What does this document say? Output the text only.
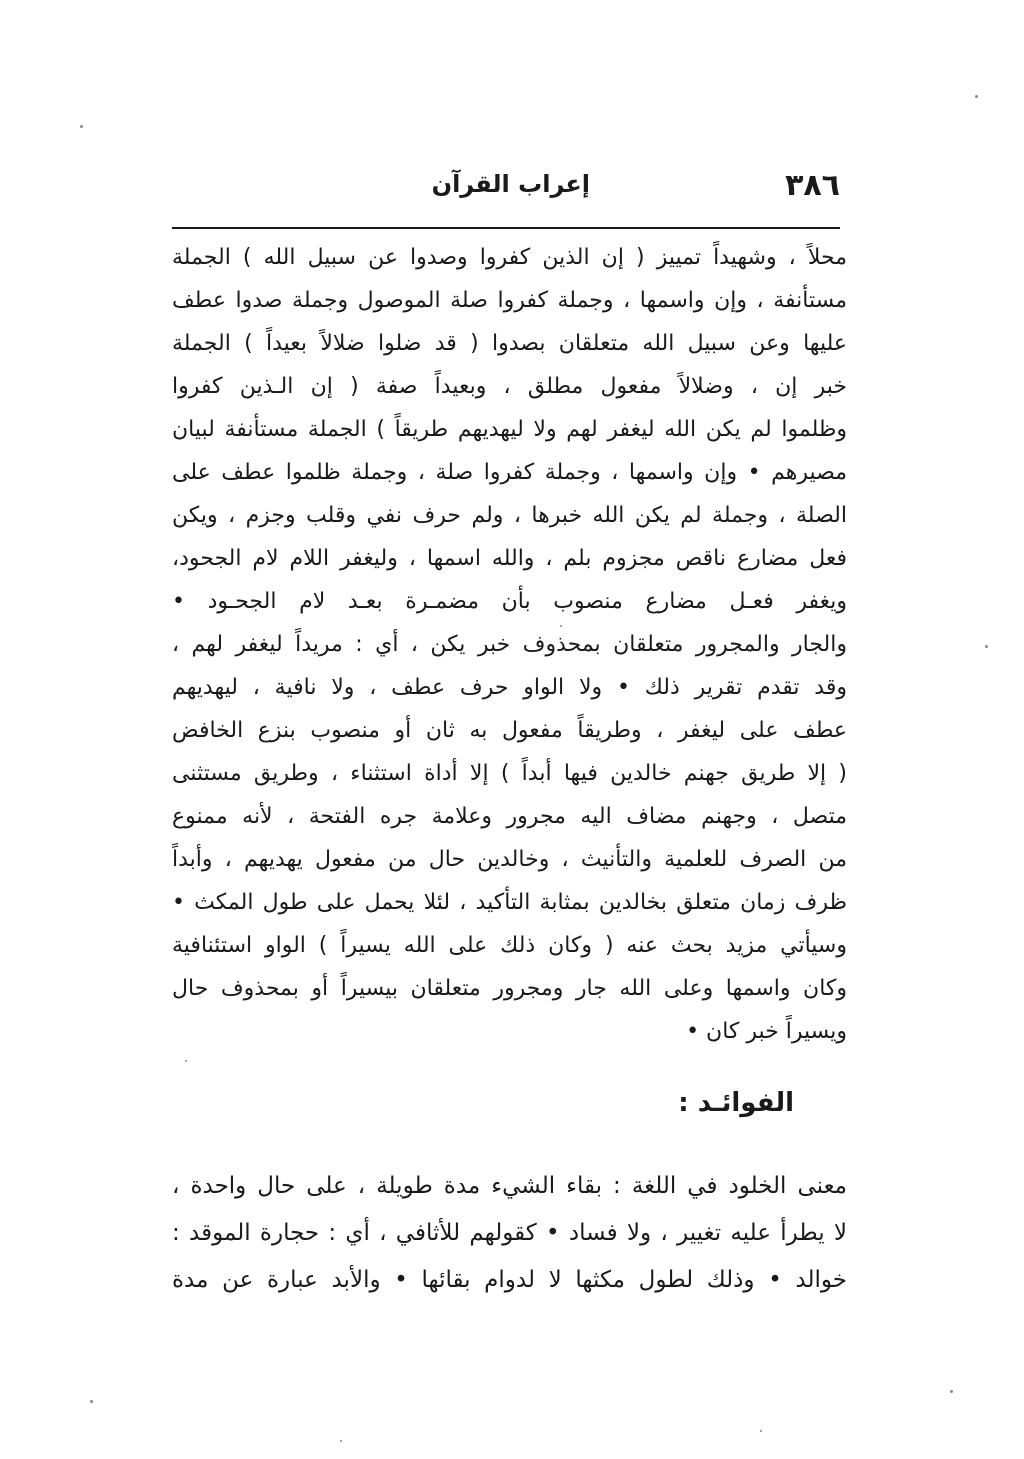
٣٨٦
إعراب القرآن
محلاً ، وشهيداً تمييز ( إن الذين كفروا وصدوا عن سبيل الله ) الجملة
مستأنفة ، وإن واسمها ، وجملة كفروا صلة الموصول وجملة صدوا عطف
عليها وعن سبيل الله متعلقان بصدوا ( قد ضلوا ضلالاً بعيداً ) الجملة
خبر إن ، وضلالاً مفعول مطلق ، وبعيداً صفة ( إن الـذين كفروا
وظلموا لم يكن الله ليغفر لهم ولا ليهديهم طريقاً ) الجملة مستأنفة لبيان
مصيرهم • وإن واسمها ، وجملة كفروا صلة ، وجملة ظلموا عطف على
الصلة ، وجملة لم يكن الله خبرها ، ولم حرف نفي وقلب وجزم ، ويكن
فعل مضارع ناقص مجزوم بلم ، والله اسمها ، وليغفر اللام لام الجحود،
ويغفر فعـل مضارع منصوب بأن مضمـرة بعـد لام الجحـود •
والجار والمجرور متعلقان بمحذوف خبر يكن ، أي : مريداً ليغفر لهم ،
وقد تقدم تقرير ذلك • ولا الواو حرف عطف ، ولا نافية ، ليهديهم
عطف على ليغفر ، وطريقاً مفعول به ثان أو منصوب بنزع الخافض
( إلا طريق جهنم خالدين فيها أبداً ) إلا أداة استثناء ، وطريق مستثنى
متصل ، وجهنم مضاف اليه مجرور وعلامة جره الفتحة ، لأنه ممنوع
من الصرف للعلمية والتأنيث ، وخالدين حال من مفعول يهديهم ، وأبداً
ظرف زمان متعلق بخالدين بمثابة التأكيد ، لئلا يحمل على طول المكث •
وسيأتي مزيد بحث عنه ( وكان ذلك على الله يسيراً ) الواو استئنافية
وكان واسمها وعلى الله جار ومجرور متعلقان بيسيراً أو بمحذوف حال
ويسيراً خبر كان •
الفوائـد :
معنى الخلود في اللغة : بقاء الشيء مدة طويلة ، على حال واحدة ،
لا يطرأ عليه تغيير ، ولا فساد • كقولهم للأثافي ، أي : حجارة الموقد :
خوالد • وذلك لطول مكثها لا لدوام بقائها • والأبد عبارة عن مدة
